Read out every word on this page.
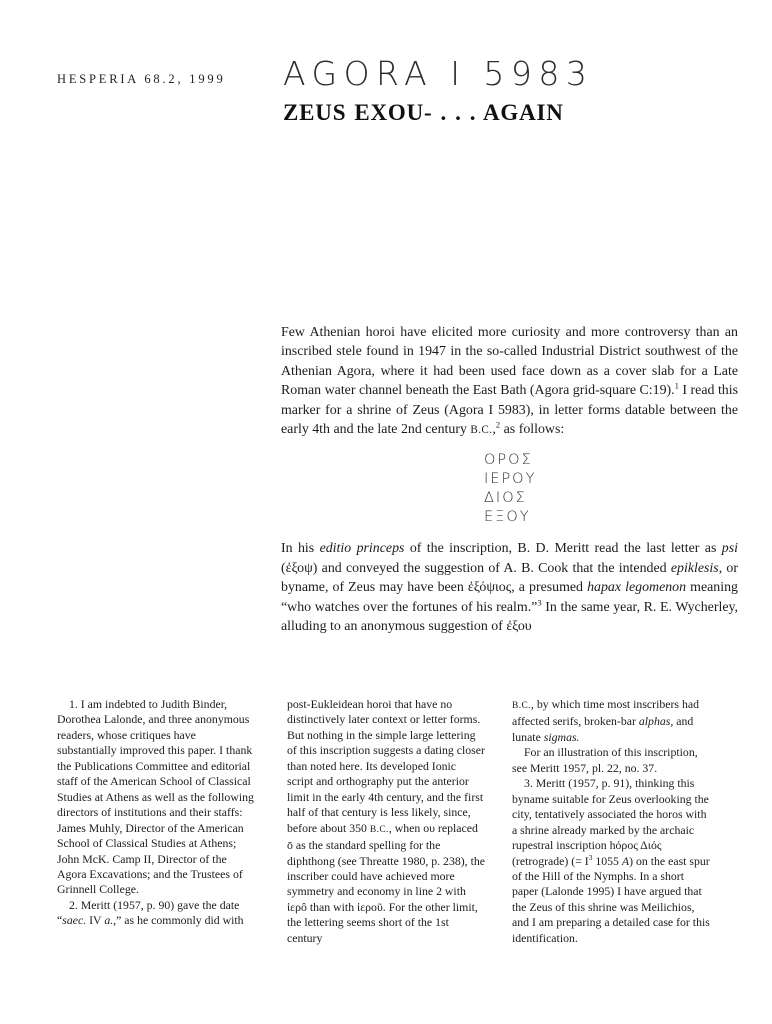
HESPERIA 68.2, 1999 AGORA I 5983
ZEUS EXOU- . . . AGAIN

Few Athenian horoi have elicited more curiosity and more controversy than an inscribed stele found in 1947 in the so-called Industrial District southwest of the Athenian Agora, where it had been used face down as a cover slab for a Late Roman water channel beneath the East Bath (Agora grid-square C:19).$^1$ I read this marker for a shrine of Zeus (Agora I 5983), in letter forms datable between the early 4th and the late 2nd century B.C.,$^2$ as follows:

ΟΡΟΣ
ΙΕΡΟΥ
ΔΙΟΣ
ΕΞΟΥ

In his editio princeps of the inscription, B. D. Meritt read the last letter as psi (ἐξοψ) and conveyed the suggestion of A. B. Cook that the intended epiklesis, or byname, of Zeus may have been ἐξόψιος, a presumed hapax legomenon meaning “who watches over the fortunes of his realm.”$^3$ In the same year, R. E. Wycherley, alluding to an anonymous suggestion of ἐξου

1. I am indebted to Judith Binder, Dorothea Lalonde, and three anonymous readers, whose critiques have substantially improved this paper. I thank the Publications Committee and editorial staff of the American School of Classical Studies at Athens as well as the following directors of institutions and their staffs: James Muhly, Director of the American School of Classical Studies at Athens; John McK. Camp II, Director of the Agora Excavations; and the Trustees of Grinnell College.

2. Meritt (1957, p. 90) gave the date “saec. IV a.,” as he commonly did with

post-Eukleidean horoi that have no distinctively later context or letter forms. But nothing in the simple large lettering of this inscription suggests a dating closer than noted here. Its developed Ionic script and orthography put the anterior limit in the early 4th century, and the first half of that century is less likely, since, before about 350 B.C., when ου replaced ō as the standard spelling for the diphthong (see Threatte 1980, p. 238), the inscriber could have achieved more symmetry and economy in line 2 with ἱερô than with ἱεροῦ. For the other limit, the lettering seems short of the 1st century

B.C., by which time most inscribers had affected serifs, broken-bar alphas, and lunate sigmas.

For an illustration of this inscription, see Meritt 1957, pl. 22, no. 37.

3. Meritt (1957, p. 91), thinking this byname suitable for Zeus overlooking the city, tentatively associated the horos with a shrine already marked by the archaic rupestral inscription hόρος Διός (retrograde) (= $I^3$ 1055 A) on the east spur of the Hill of the Nymphs. In a short paper (Lalonde 1995) I have argued that the Zeus of this shrine was Meilichios, and I am preparing a detailed case for this identification.
